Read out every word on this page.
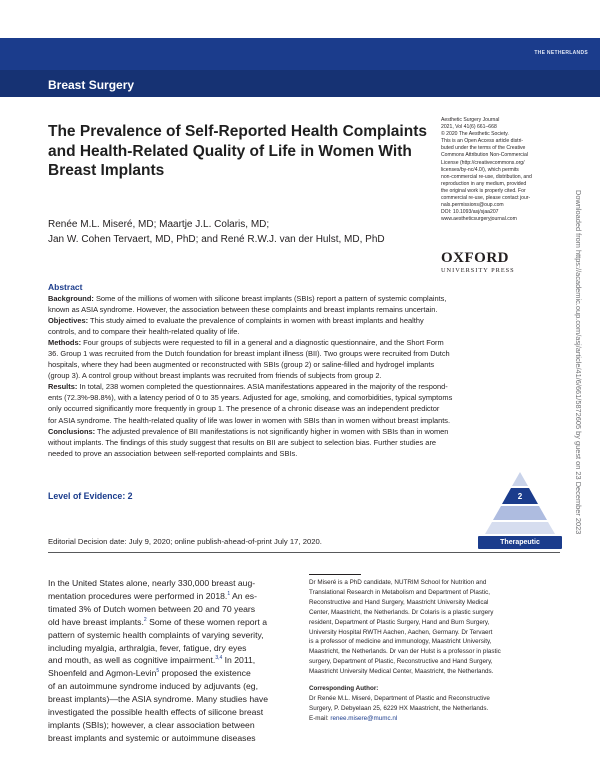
THE NETHERLANDS
Breast Surgery
The Prevalence of Self-Reported Health Complaints and Health-Related Quality of Life in Women With Breast Implants
Renée M.L. Miseré, MD; Maartje J.L. Colaris, MD;
Jan W. Cohen Tervaert, MD, PhD; and René R.W.J. van der Hulst, MD, PhD
Aesthetic Surgery Journal
2021, Vol 41(6) 661–668
© 2020 The Aesthetic Society.
This is an Open Access article distri-
buted under the terms of the Creative
Commons Attribution Non-Commercial
License (http://creativecommons.org/
licenses/by-nc/4.0/), which permits
non-commercial re-use, distribution, and
reproduction in any medium, provided
the original work is properly cited. For
commercial re-use, please contact jour-
nals.permissions@oup.com
DOI: 10.1093/asj/sjaa207
www.aestheticsurgeryjournal.com
OXFORD
UNIVERSITY PRESS	Downloaded from https://academic.oup.com/asj/article/41/6/661/5872605 by guest on 23 December 2023
Abstract
Background: Some of the millions of women with silicone breast implants (SBIs) report a pattern of systemic complaints,
known as ASIA syndrome. However, the association between these complaints and breast implants remains uncertain.
Objectives: This study aimed to evaluate the prevalence of complaints in women with breast implants and healthy
controls, and to compare their health-related quality of life.
Methods: Four groups of subjects were requested to fill in a general and a diagnostic questionnaire, and the Short Form
36. Group 1 was recruited from the Dutch foundation for breast implant illness (BII). Two groups were recruited from Dutch
hospitals, where they had been augmented or reconstructed with SBIs (group 2) or saline-filled and hydrogel implants
(group 3). A control group without breast implants was recruited from friends of subjects from group 2.
Results: In total, 238 women completed the questionnaires. ASIA manifestations appeared in the majority of the respond-
ents (72.3%-98.8%), with a latency period of 0 to 35 years. Adjusted for age, smoking, and comorbidities, typical symptoms
only occurred significantly more frequently in group 1. The presence of a chronic disease was an independent predictor
for ASIA syndrome. The health-related quality of life was lower in women with SBIs than in women without breast implants.
Conclusions: The adjusted prevalence of BII manifestations is not significantly higher in women with SBIs than in women
without implants. The findings of this study suggest that results on BII are subject to selection bias. Further studies are
needed to prove an association between self-reported complaints and SBIs.
Level of Evidence: 2	2
Therapeutic
Editorial Decision date: July 9, 2020; online publish-ahead-of-print July 17, 2020.
In the United States alone, nearly 330,000 breast aug-
mentation procedures were performed in 2018.$^1$ An es-
timated 3% of Dutch women between 20 and 70 years
old have breast implants.$^2$ Some of these women report a
pattern of systemic health complaints of varying severity,
including myalgia, arthralgia, fever, fatigue, dry eyes
and mouth, as well as cognitive impairment.$^{3,4}$ In 2011,
Shoenfeld and Agmon-Levin$^5$ proposed the existence
of an autoimmune syndrome induced by adjuvants (eg,
breast implants)—the ASIA syndrome. Many studies have
investigated the possible health effects of silicone breast
implants (SBIs); however, a clear association between
breast implants and systemic or autoimmune diseases
Dr Miseré is a PhD candidate, NUTRIM School for Nutrition and
Translational Research in Metabolism and Department of Plastic,
Reconstructive and Hand Surgery, Maastricht University Medical
Center, Maastricht, the Netherlands. Dr Colaris is a plastic surgery
resident, Department of Plastic Surgery, Hand and Burn Surgery,
University Hospital RWTH Aachen, Aachen, Germany. Dr Tervaert
is a professor of medicine and immunology, Maastricht University,
Maastricht, the Netherlands. Dr van der Hulst is a professor in plastic
surgery, Department of Plastic, Reconstructive and Hand Surgery,
Maastricht University Medical Center, Maastricht, the Netherlands.
Corresponding Author:
Dr Renée M.L. Miseré, Department of Plastic and Reconstructive
Surgery, P. Debyelaan 25, 6229 HX Maastricht, the Netherlands.
E-mail: renee.misere@mumc.nl
